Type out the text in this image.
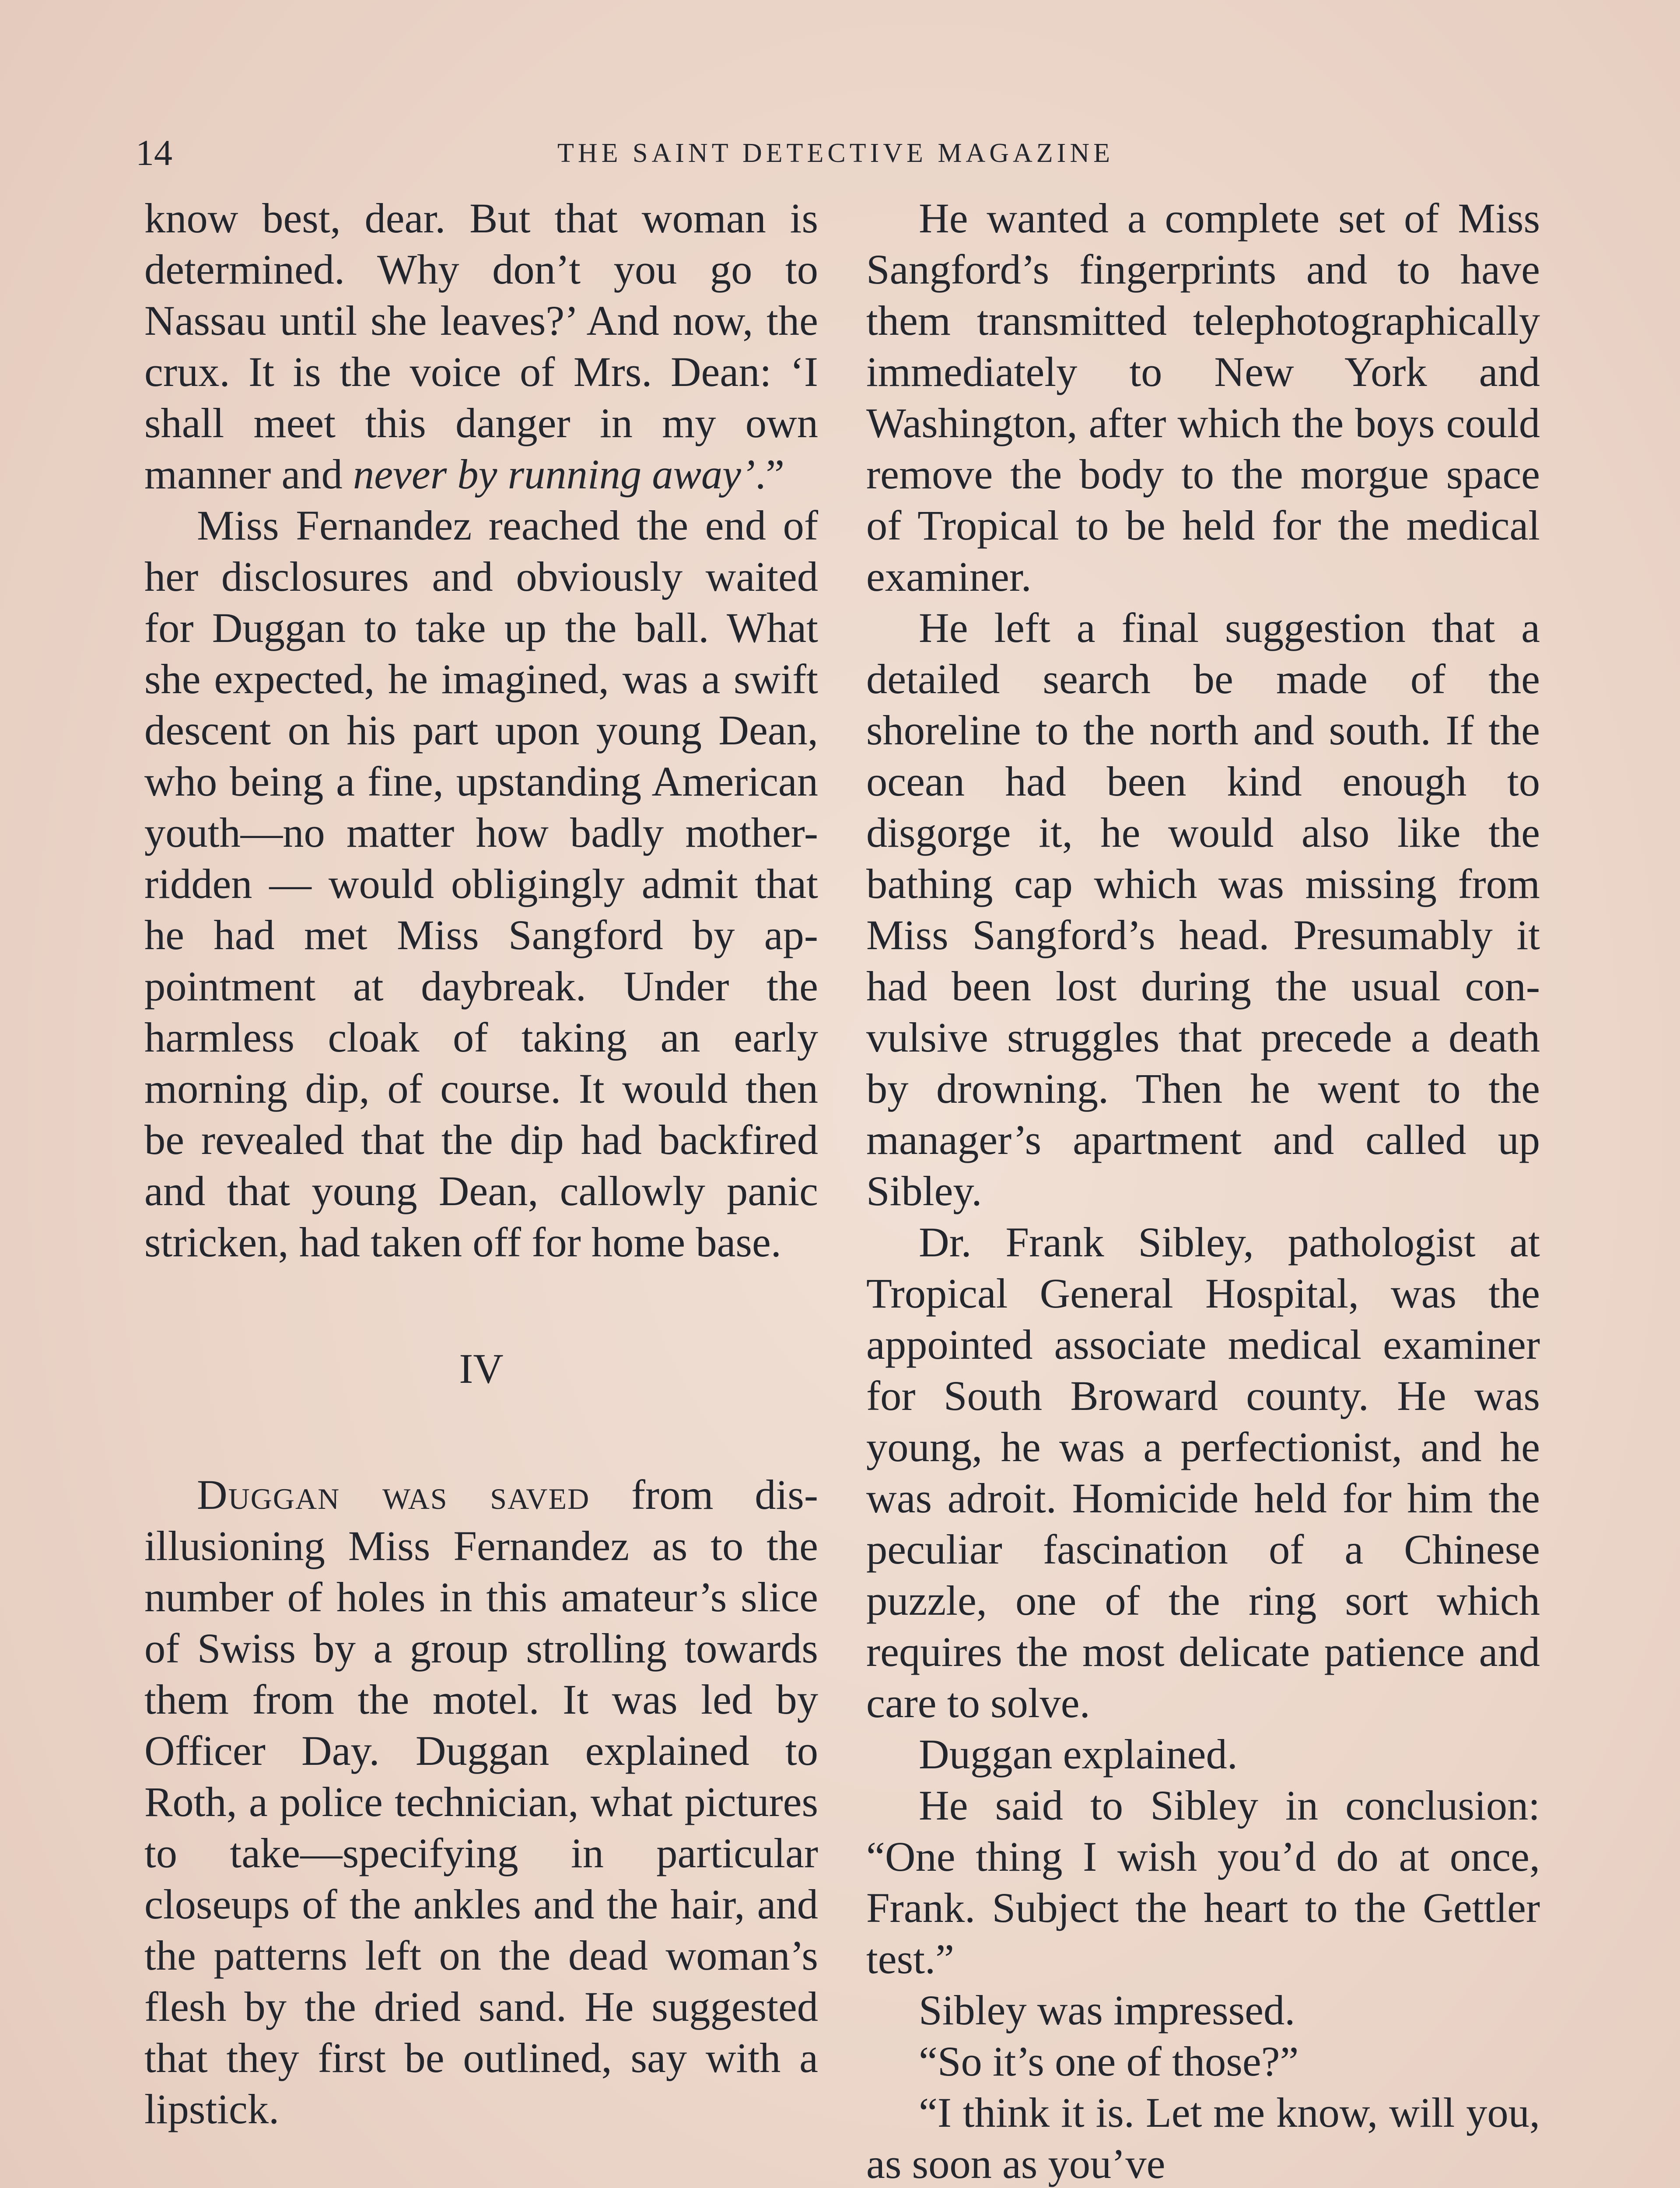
14	THE SAINT DETECTIVE MAGAZINE

know best, dear. But that woman is determined. Why don’t you go to Nassau until she leaves?’ And now, the crux. It is the voice of Mrs. Dean: ‘I shall meet this danger in my own manner and never by running away’.”

Miss Fernandez reached the end of her disclosures and obviously waited for Duggan to take up the ball. What she expected, he imagined, was a swift descent on his part upon young Dean, who being a fine, upstanding American youth—no matter how badly mother-ridden — would obligingly admit that he had met Miss Sangford by appointment at daybreak. Under the harmless cloak of taking an early morning dip, of course. It would then be revealed that the dip had backfired and that young Dean, callowly panic stricken, had taken off for home base.

IV

Duggan was saved from disillusioning Miss Fernandez as to the number of holes in this amateur’s slice of Swiss by a group strolling towards them from the motel. It was led by Officer Day. Duggan explained to Roth, a police technician, what pictures to take—specifying in particular closeups of the ankles and the hair, and the patterns left on the dead woman’s flesh by the dried sand. He suggested that they first be outlined, say with a lipstick.

He wanted a complete set of Miss Sangford’s fingerprints and to have them transmitted telephotographically immediately to New York and Washington, after which the boys could remove the body to the morgue space of Tropical to be held for the medical examiner.

He left a final suggestion that a detailed search be made of the shoreline to the north and south. If the ocean had been kind enough to disgorge it, he would also like the bathing cap which was missing from Miss Sangford’s head. Presumably it had been lost during the usual convulsive struggles that precede a death by drowning. Then he went to the manager’s apartment and called up Sibley.

Dr. Frank Sibley, pathologist at Tropical General Hospital, was the appointed associate medical examiner for South Broward county. He was young, he was a perfectionist, and he was adroit. Homicide held for him the peculiar fascination of a Chinese puzzle, one of the ring sort which requires the most delicate patience and care to solve.

Duggan explained.

He said to Sibley in conclusion: “One thing I wish you’d do at once, Frank. Subject the heart to the Gettler test.”

Sibley was impressed.

“So it’s one of those?”

“I think it is. Let me know, will you, as soon as you’ve
